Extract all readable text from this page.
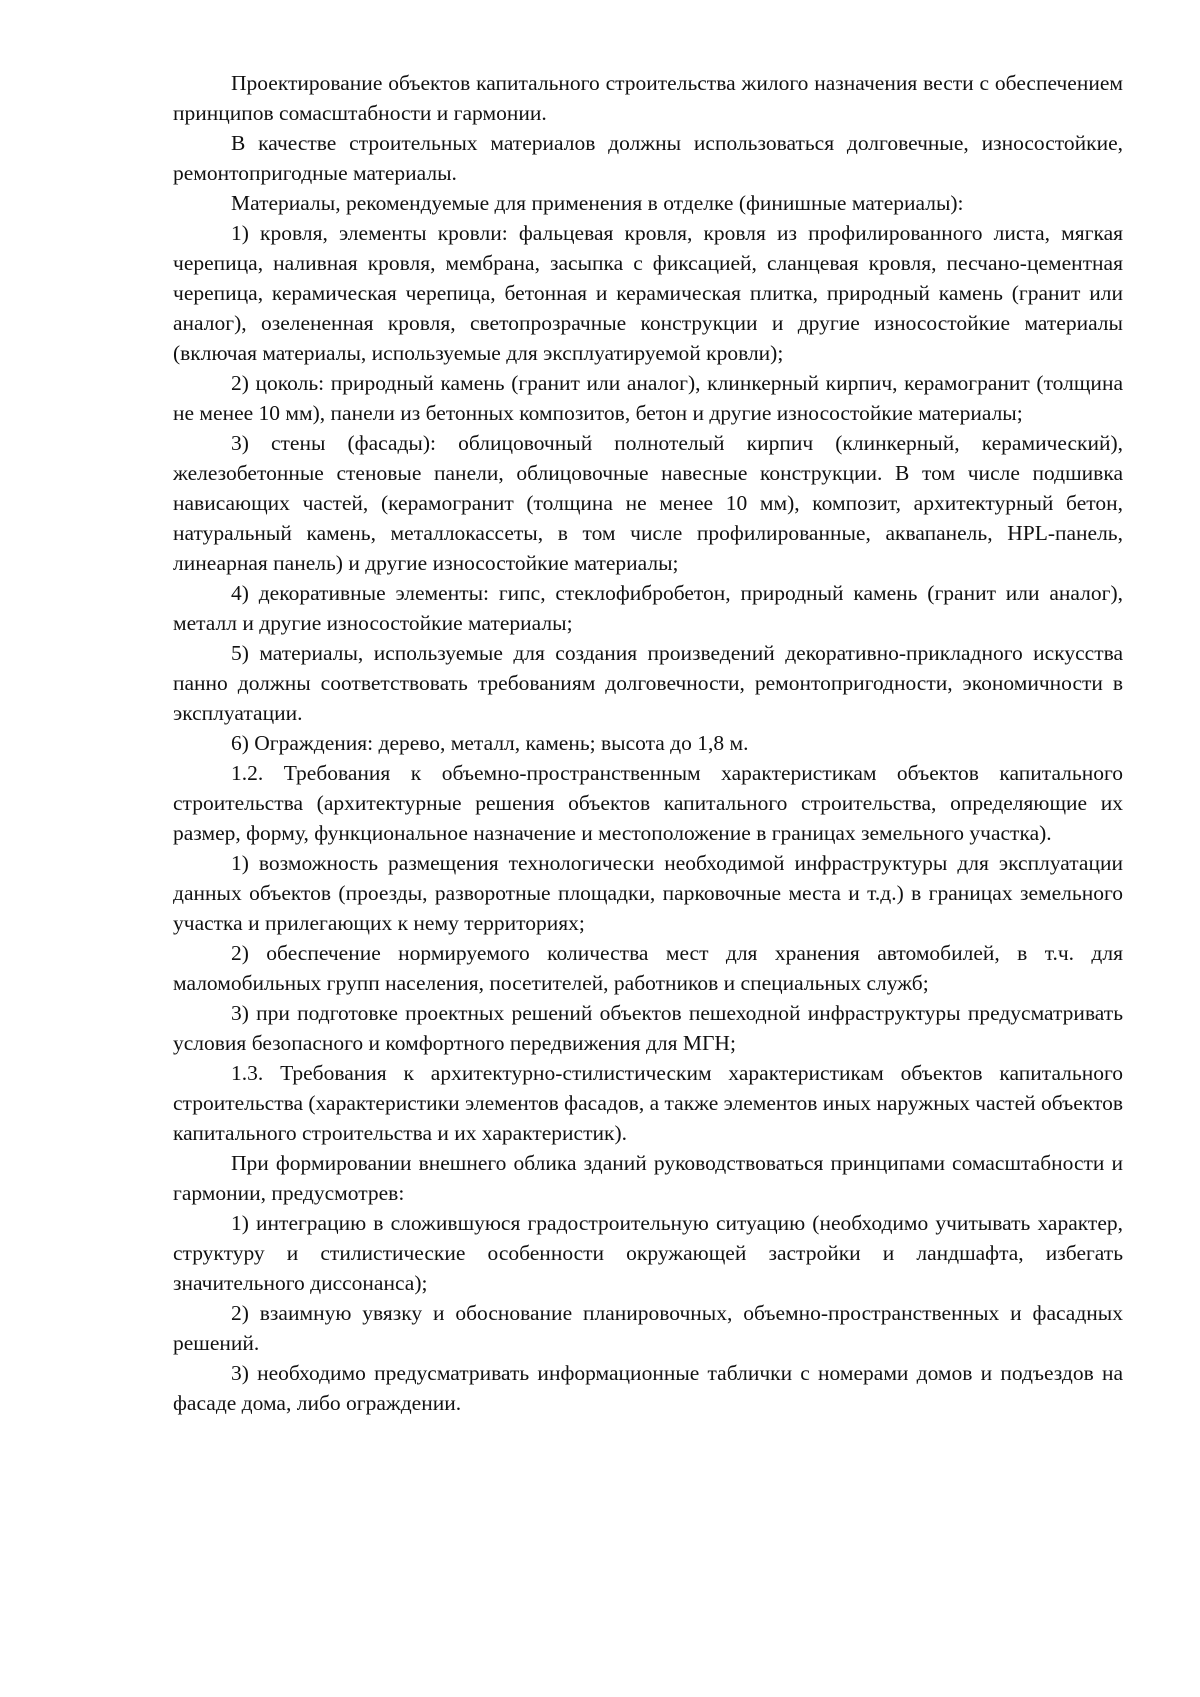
Проектирование объектов капитального строительства жилого назначения вести с обеспечением принципов сомасштабности и гармонии.

В качестве строительных материалов должны использоваться долговечные, износостойкие, ремонтопригодные материалы.

Материалы, рекомендуемые для применения в отделке (финишные материалы):

1) кровля, элементы кровли: фальцевая кровля, кровля из профилированного листа, мягкая черепица, наливная кровля, мембрана, засыпка с фиксацией, сланцевая кровля, песчано-цементная черепица, керамическая черепица, бетонная и керамическая плитка, природный камень (гранит или аналог), озелененная кровля, светопрозрачные конструкции и другие износостойкие материалы (включая материалы, используемые для эксплуатируемой кровли);

2) цоколь: природный камень (гранит или аналог), клинкерный кирпич, керамогранит (толщина не менее 10 мм), панели из бетонных композитов, бетон и другие износостойкие материалы;

3) стены (фасады): облицовочный полнотелый кирпич (клинкерный, керамический), железобетонные стеновые панели, облицовочные навесные конструкции. В том числе подшивка нависающих частей, (керамогранит (толщина не менее 10 мм), композит, архитектурный бетон, натуральный камень, металлокассеты, в том числе профилированные, аквапанель, HPL-панель, линеарная панель) и другие износостойкие материалы;

4) декоративные элементы: гипс, стеклофибробетон, природный камень (гранит или аналог), металл и другие износостойкие материалы;

5) материалы, используемые для создания произведений декоративно-прикладного искусства панно должны соответствовать требованиям долговечности, ремонтопригодности, экономичности в эксплуатации.

6) Ограждения: дерево, металл, камень; высота до 1,8 м.

1.2. Требования к объемно-пространственным характеристикам объектов капитального строительства (архитектурные решения объектов капитального строительства, определяющие их размер, форму, функциональное назначение и местоположение в границах земельного участка).

1) возможность размещения технологически необходимой инфраструктуры для эксплуатации данных объектов (проезды, разворотные площадки, парковочные места и т.д.) в границах земельного участка и прилегающих к нему территориях;

2) обеспечение нормируемого количества мест для хранения автомобилей, в т.ч. для маломобильных групп населения, посетителей, работников и специальных служб;

3) при подготовке проектных решений объектов пешеходной инфраструктуры предусматривать условия безопасного и комфортного передвижения для МГН;

1.3. Требования к архитектурно-стилистическим характеристикам объектов капитального строительства (характеристики элементов фасадов, а также элементов иных наружных частей объектов капитального строительства и их характеристик).

При формировании внешнего облика зданий руководствоваться принципами сомасштабности и гармонии, предусмотрев:

1) интеграцию в сложившуюся градостроительную ситуацию (необходимо учитывать характер, структуру и стилистические особенности окружающей застройки и ландшафта, избегать значительного диссонанса);

2) взаимную увязку и обоснование планировочных, объемно-пространственных и фасадных решений.

3) необходимо предусматривать информационные таблички с номерами домов и подъездов на фасаде дома, либо ограждении.
